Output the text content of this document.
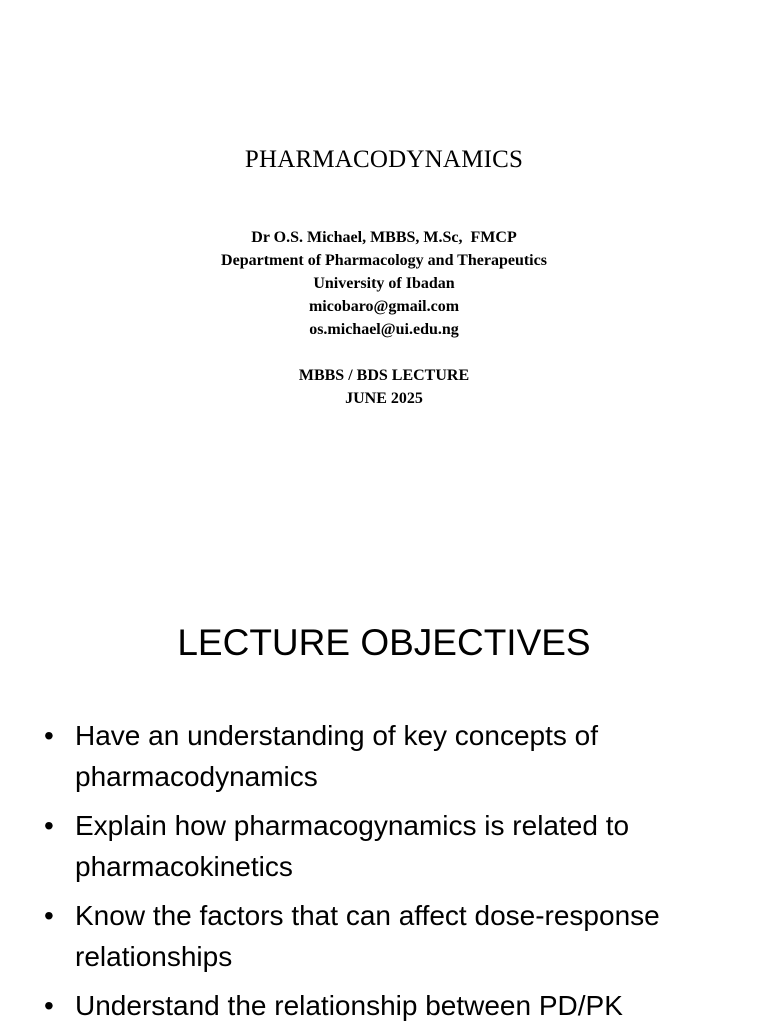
PHARMACODYNAMICS
Dr O.S. Michael, MBBS, M.Sc,  FMCP
Department of Pharmacology and Therapeutics
University of Ibadan
micobaro@gmail.com
os.michael@ui.edu.ng
MBBS / BDS LECTURE
JUNE 2025
LECTURE OBJECTIVES
• Have an understanding of key concepts of pharmacodynamics
• Explain how pharmacogynamics is related to pharmacokinetics
• Know the factors that can affect dose-response relationships
• Understand the relationship between PD/PK
